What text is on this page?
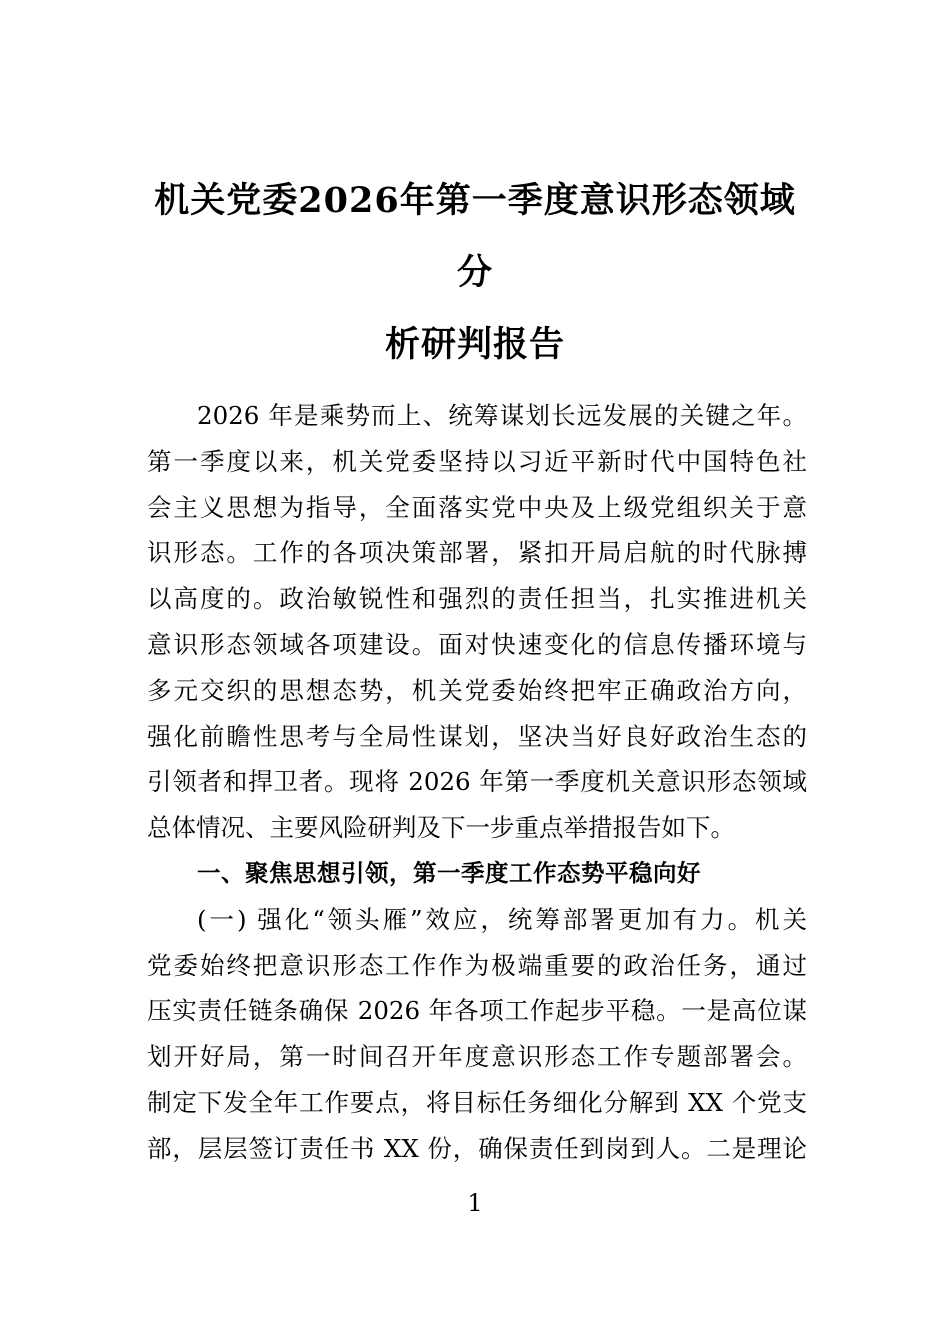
机关党委2026年第一季度意识形态领域分
析研判报告
2026 年是乘势而上、统筹谋划长远发展的关键之年。
第一季度以来，机关党委坚持以习近平新时代中国特色社
会主义思想为指导，全面落实党中央及上级党组织关于意
识形态。工作的各项决策部署，紧扣开局启航的时代脉搏
以高度的。政治敏锐性和强烈的责任担当，扎实推进机关
意识形态领域各项建设。面对快速变化的信息传播环境与
多元交织的思想态势，机关党委始终把牢正确政治方向，
强化前瞻性思考与全局性谋划，坚决当好良好政治生态的
引领者和捍卫者。现将 2026 年第一季度机关意识形态领域
总体情况、主要风险研判及下一步重点举措报告如下。
一、聚焦思想引领，第一季度工作态势平稳向好
(一) 强化“领头雁”效应，统筹部署更加有力。机关
党委始终把意识形态工作作为极端重要的政治任务，通过
压实责任链条确保 2026 年各项工作起步平稳。一是高位谋
划开好局，第一时间召开年度意识形态工作专题部署会。
制定下发全年工作要点，将目标任务细化分解到 XX 个党支
部，层层签订责任书 XX 份，确保责任到岗到人。二是理论
1
